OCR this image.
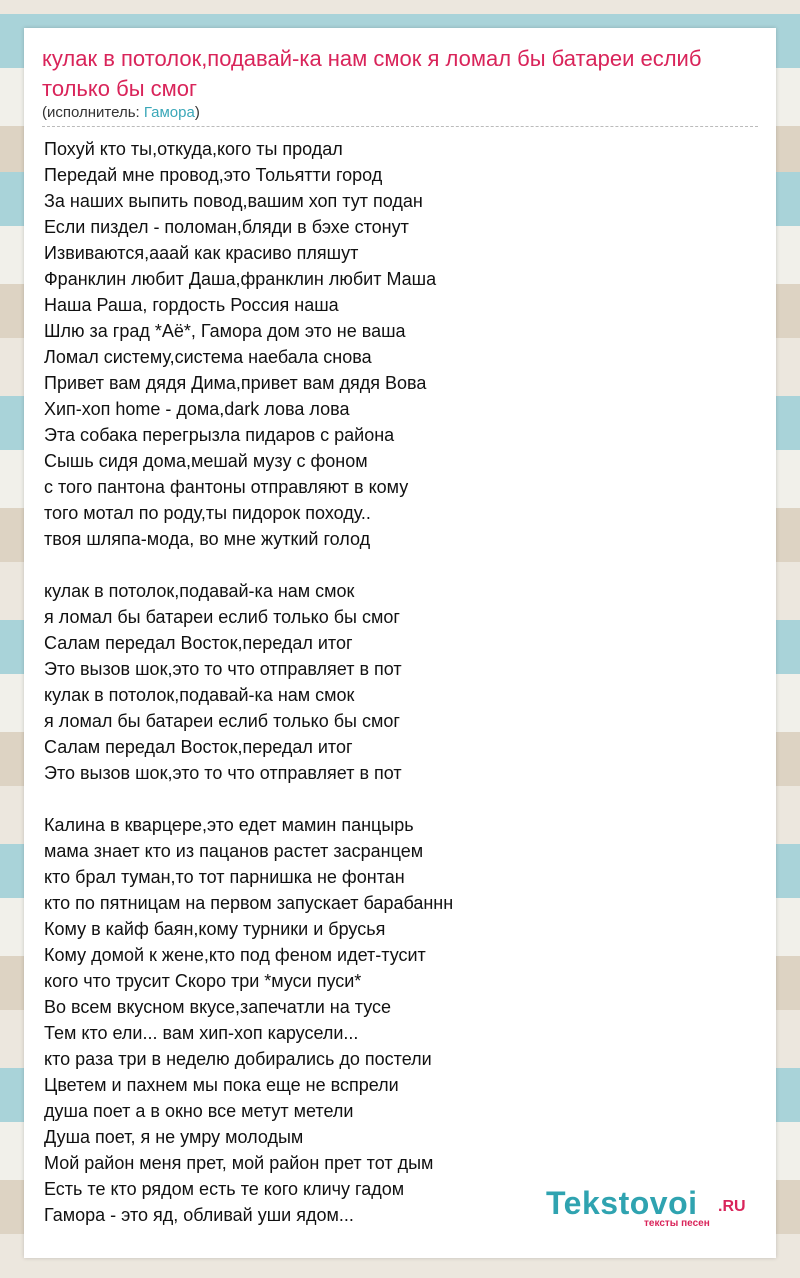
кулак в потолок,подавай-ка нам смок я ломал бы батареи еслиб только бы смог
(исполнитель: Гамора)
Похуй кто ты,откуда,кого ты продал
Передай мне провод,это Тольятти город
За наших выпить повод,вашим хоп тут подан
Если пиздел - поломан,бляди в бэхе стонут
Извиваются,ааай как красиво пляшут
Франклин любит Даша,франклин любит Маша
Наша Раша, гордость Россия наша
Шлю за град *Аё*, Гамора дом это не ваша
Ломал систему,система наебала снова
Привет вам дядя Дима,привет вам дядя Вова
Хип-хоп home - дома,dark лова лова
Эта собака перегрызла пидаров с района
Сышь сидя дома,мешай музу с фоном
с того пантона фантоны отправляют в кому
того мотал по роду,ты пидорок походу..
твоя шляпа-мода, во мне жуткий голод
кулак в потолок,подавай-ка нам смок
я ломал бы батареи еслиб только бы смог
Салам передал Восток,передал итог
Это вызов шок,это то что отправляет в пот
кулак в потолок,подавай-ка нам смок
я ломал бы батареи еслиб только бы смог
Салам передал Восток,передал итог
Это вызов шок,это то что отправляет в пот
Калина в кварцере,это едет мамин панцырь
мама знает кто из пацанов растет засранцем
кто брал туман,то тот парнишка не фонтан
кто по пятницам на первом запускает барабаннн
Кому в кайф баян,кому турники и брусья
Кому домой к жене,кто под феном идет-тусит
кого что трусит Скоро три *муси пуси*
Во всем вкусном вкусе,запечатли на тусе
Тем кто ели... вам хип-хоп карусели...
кто раза три в неделю добирались до постели
Цветем и пахнем мы пока еще не вспрели
душа поет а в окно все метут метели
Душа поет, я не умру молодым
Мой район меня прет, мой район прет тот дым
Есть те кто рядом есть те кого кличу гадом
Гамора - это яд, обливай уши ядом...	Tekstovoi .RU
тексты песен
